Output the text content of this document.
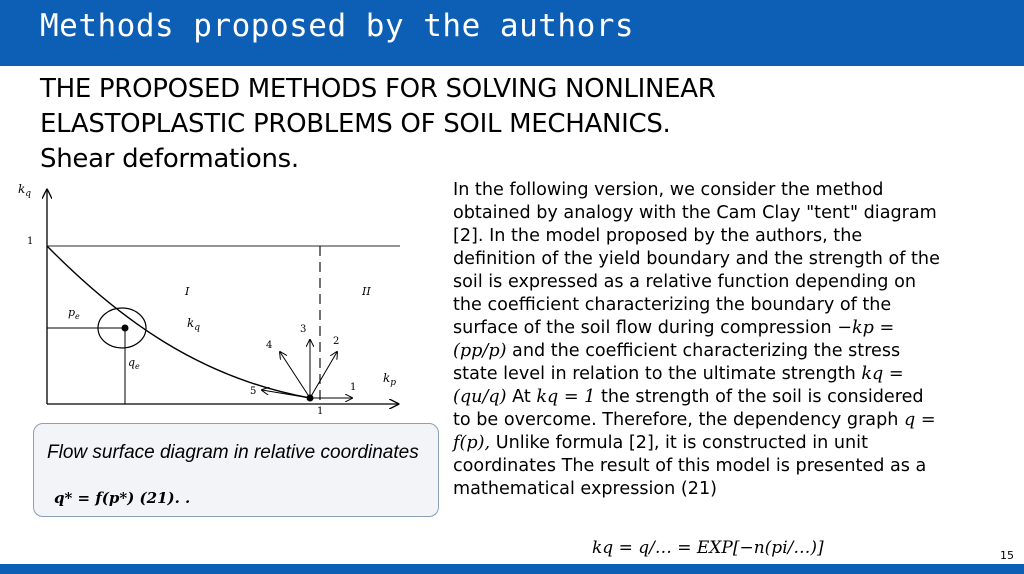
Methods proposed by the authors
THE PROPOSED METHODS FOR SOLVING NONLINEAR
ELASTOPLASTIC PROBLEMS OF SOIL MECHANICS.
Shear deformations.
$k_q$
$k_p$
1
1
I	II
$p_e$
$q_e$
$k_q$
1
2
3
4
5
Flow surface diagram in relative coordinates
q* = f(p*) (21). .

In the following version, we consider the method obtained by analogy with the Cam Clay "tent" diagram [2]. In the model proposed by the authors, the definition of the yield boundary and the strength of the soil is expressed as a relative function depending on the coefficient characterizing the boundary of the surface of the soil flow during compression −kp = (pp/p) and the coefficient characterizing the stress state level in relation to the ultimate strength kq = (qu/q) At kq = 1 the strength of the soil is considered to be overcome. Therefore, the dependency graph q = f(p), Unlike formula [2], it is constructed in unit coordinates The result of this model is presented as a mathematical expression (21)

kq = q/… = EXP[−n(pi/…)]	15
